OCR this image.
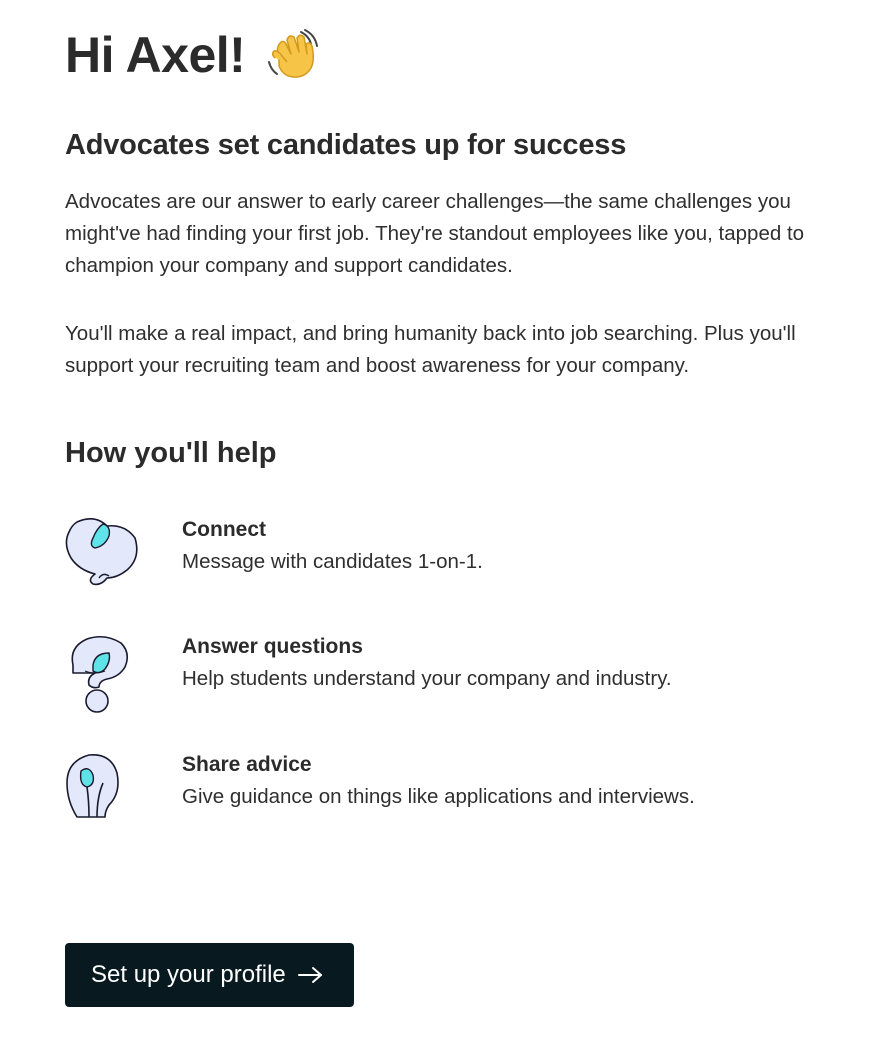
Hi Axel!
Advocates set candidates up for success

Advocates are our answer to early career challenges—the same challenges you might've had finding your first job. They're standout employees like you, tapped to champion your company and support candidates.

You'll make a real impact, and bring humanity back into job searching. Plus you'll support your recruiting team and boost awareness for your company.

How you'll help
Connect
Message with candidates 1-on-1.
Answer questions
Help students understand your company and industry.
Share advice
Give guidance on things like applications and interviews.
Set up your profile
